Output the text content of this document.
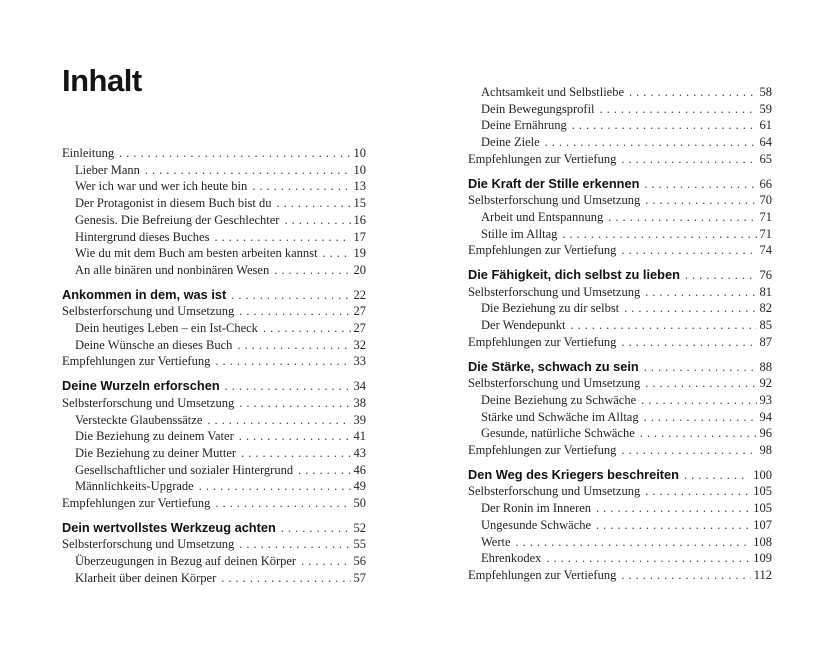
Inhalt
Einleitung .....	10
Lieber Mann .....	10
Wer ich war und wer ich heute bin .....	13
Der Protagonist in diesem Buch bist du .....	15
Genesis. Die Befreiung der Geschlechter .....	16
Hintergrund dieses Buches .....	17
Wie du mit dem Buch am besten arbeiten kannst .....	19
An alle binären und nonbinären Wesen .....	20
Ankommen in dem, was ist .....	22
Selbsterforschung und Umsetzung .....	27
Dein heutiges Leben – ein Ist-Check .....	27
Deine Wünsche an dieses Buch .....	32
Empfehlungen zur Vertiefung .....	33
Deine Wurzeln erforschen .....	34
Selbsterforschung und Umsetzung .....	38
Versteckte Glaubenssätze .....	39
Die Beziehung zu deinem Vater .....	41
Die Beziehung zu deiner Mutter .....	43
Gesellschaftlicher und sozialer Hintergrund .....	46
Männlichkeits-Upgrade .....	49
Empfehlungen zur Vertiefung .....	50
Dein wertvollstes Werkzeug achten .....	52
Selbsterforschung und Umsetzung .....	55
Überzeugungen in Bezug auf deinen Körper .....	56
Klarheit über deinen Körper .....	57
Achtsamkeit und Selbstliebe .....	58
Dein Bewegungsprofil .....	59
Deine Ernährung .....	61
Deine Ziele .....	64
Empfehlungen zur Vertiefung .....	65
Die Kraft der Stille erkennen .....	66
Selbsterforschung und Umsetzung .....	70
Arbeit und Entspannung .....	71
Stille im Alltag .....	71
Empfehlungen zur Vertiefung .....	74
Die Fähigkeit, dich selbst zu lieben .....	76
Selbsterforschung und Umsetzung .....	81
Die Beziehung zu dir selbst .....	82
Der Wendepunkt .....	85
Empfehlungen zur Vertiefung .....	87
Die Stärke, schwach zu sein .....	88
Selbsterforschung und Umsetzung .....	92
Deine Beziehung zu Schwäche .....	93
Stärke und Schwäche im Alltag .....	94
Gesunde, natürliche Schwäche .....	96
Empfehlungen zur Vertiefung .....	98
Den Weg des Kriegers beschreiten .....	100
Selbsterforschung und Umsetzung .....	105
Der Ronin im Inneren .....	105
Ungesunde Schwäche .....	107
Werte .....	108
Ehrenkodex .....	109
Empfehlungen zur Vertiefung .....	112
